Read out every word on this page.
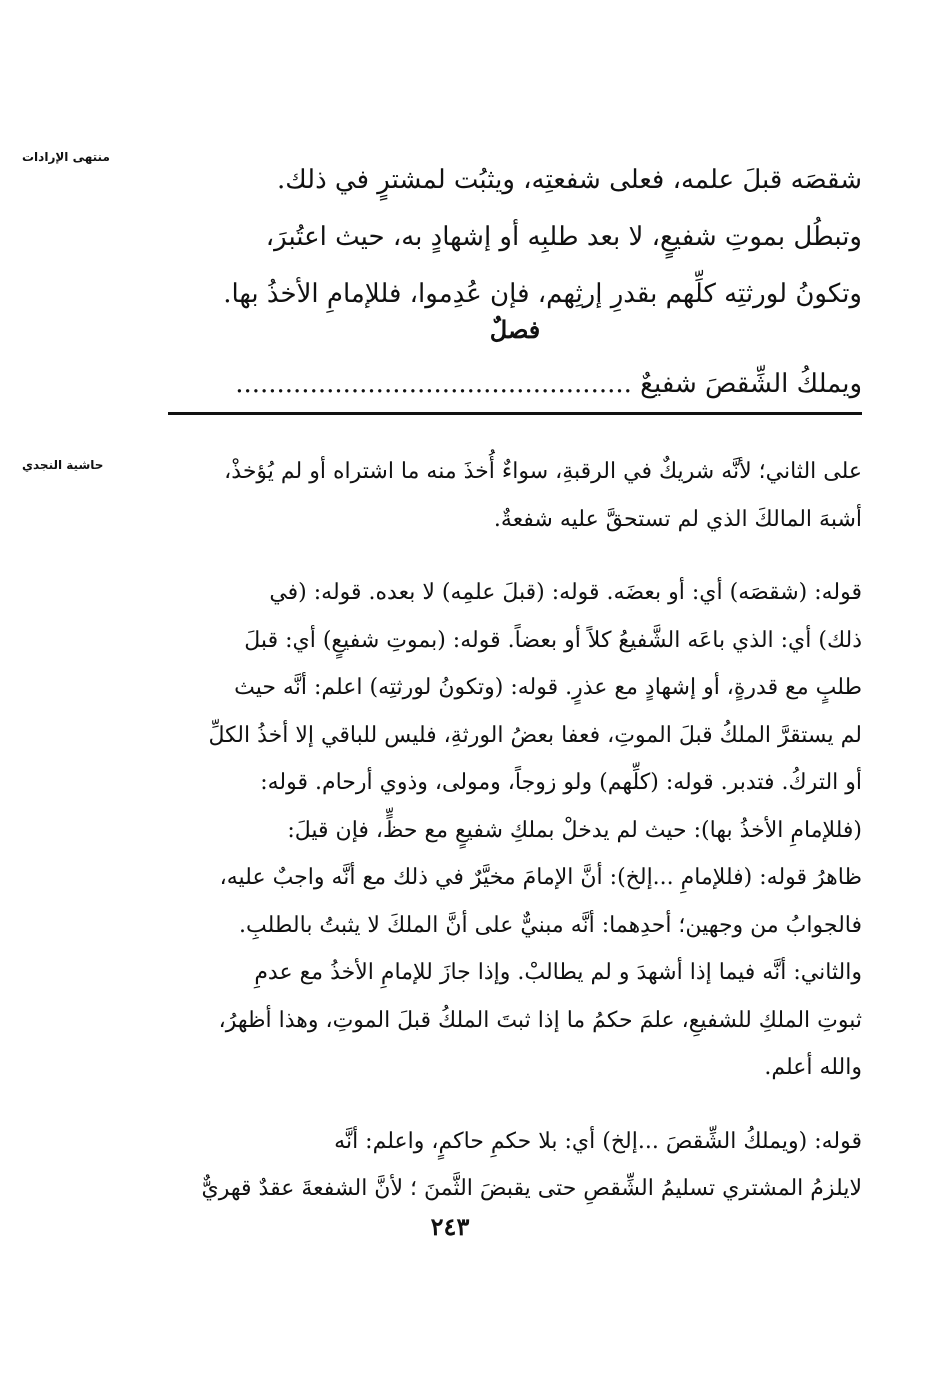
منتهى الإرادات
حاشية النجدي
شقصَه قبلَ علمه، فعلى شفعتِه، ويثبُت لمشترٍ في ذلك.
وتبطُل بموتِ شفيعٍ، لا بعد طلبِه أو إشهادٍ به، حيث اعتُبرَ،
وتكونُ لورثتِه كلِّهم بقدرِ إرثِهم، فإن عُدِموا، فللإمامِ الأخذُ بها.
فصلٌ
ويملكُ الشِّقصَ شفيعٌ ................................................
على الثاني؛ لأنَّه شريكٌ في الرقبةِ، سواءٌ أُخذَ منه ما اشتراه أو لم يُؤخذْ،
أشبهَ المالكَ الذي لم تستحقَّ عليه شفعةٌ.
قوله: (شقصَه) أي: أو بعضَه. قوله: (قبلَ علمِه) لا بعده. قوله: (في
ذلك) أي: الذي باعَه الشَّفيعُ كلاً أو بعضاً. قوله: (بموتِ شفيعٍ) أي: قبلَ
طلبٍ مع قدرةٍ، أو إشهادٍ مع عذرٍ. قوله: (وتكونُ لورثتِه) اعلم: أنَّه حيث
لم يستقرَّ الملكُ قبلَ الموتِ، فعفا بعضُ الورثةِ، فليس للباقي إلا أخذُ الكلِّ
أو التركُ. فتدبر. قوله: (كلِّهم) ولو زوجاً، ومولى، وذوي أرحام. قوله:
(فللإمامِ الأخذُ بها): حيث لم يدخلْ بملكِ شفيعٍ مع حظٍّ، فإن قيلَ:
ظاهرُ قوله: (فللإمامِ ...إلخ): أنَّ الإمامَ مخيَّرٌ في ذلك مع أنَّه واجبٌ عليه،
فالجوابُ من وجهين؛ أحدِهما: أنَّه مبنيٌّ على أنَّ الملكَ لا يثبتُ بالطلبِ.
والثاني: أنَّه فيما إذا أشهدَ و لم يطالبْ. وإذا جازَ للإمامِ الأخذُ مع عدمِ
ثبوتِ الملكِ للشفيعِ، علمَ حكمُ ما إذا ثبتَ الملكُ قبلَ الموتِ، وهذا أظهرُ،
والله أعلم.
قوله: (ويملكُ الشِّقصَ ...إلخ) أي: بلا حكمِ حاكمٍ، واعلم: أنَّه
لايلزمُ المشتري تسليمُ الشِّقصِ حتى يقبضَ الثَّمنَ ؛ لأنَّ الشفعةَ عقدٌ قهريٌّ
٢٤٣
